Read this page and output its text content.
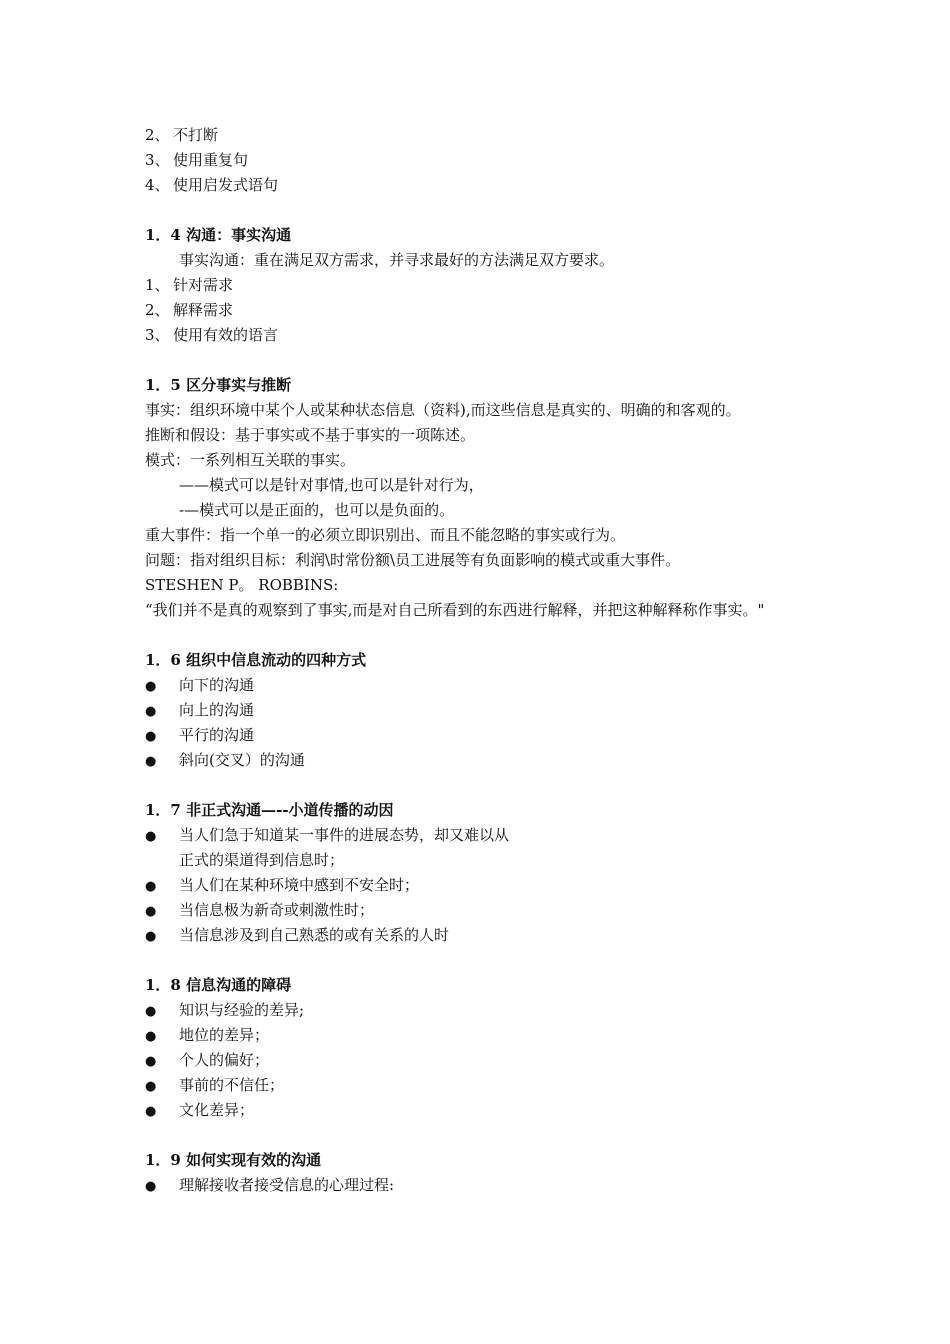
2、 不打断
3、 使用重复句
4、 使用启发式语句
1．4 沟通：事实沟通
事实沟通：重在满足双方需求，并寻求最好的方法满足双方要求。
1、 针对需求
2、 解释需求
3、 使用有效的语言
1．5 区分事实与推断
事实：组织环境中某个人或某种状态信息（资料),而这些信息是真实的、明确的和客观的。
推断和假设：基于事实或不基于事实的一项陈述。
模式：一系列相互关联的事实。
——模式可以是针对事情,也可以是针对行为，
-—模式可以是正面的，也可以是负面的。
重大事件：指一个单一的必须立即识别出、而且不能忽略的事实或行为。
问题：指对组织目标：利润\时常份额\员工进展等有负面影响的模式或重大事件。
STESHEN P。 ROBBINS:
“我们并不是真的观察到了事实,而是对自己所看到的东西进行解释，并把这种解释称作事实。"
1．6 组织中信息流动的四种方式
●
向下的沟通
●
向上的沟通
●
平行的沟通
●
斜向(交叉）的沟通
1．7 非正式沟通—--小道传播的动因
●
当人们急于知道某一事件的进展态势，却又难以从
正式的渠道得到信息时；
●
当人们在某种环境中感到不安全时；
●
当信息极为新奇或刺激性时；
●
当信息涉及到自己熟悉的或有关系的人时
1．8 信息沟通的障碍
●
知识与经验的差异;
●
地位的差异；
●
个人的偏好；
●
事前的不信任；
●
文化差异；
1．9 如何实现有效的沟通
●
理解接收者接受信息的心理过程:
